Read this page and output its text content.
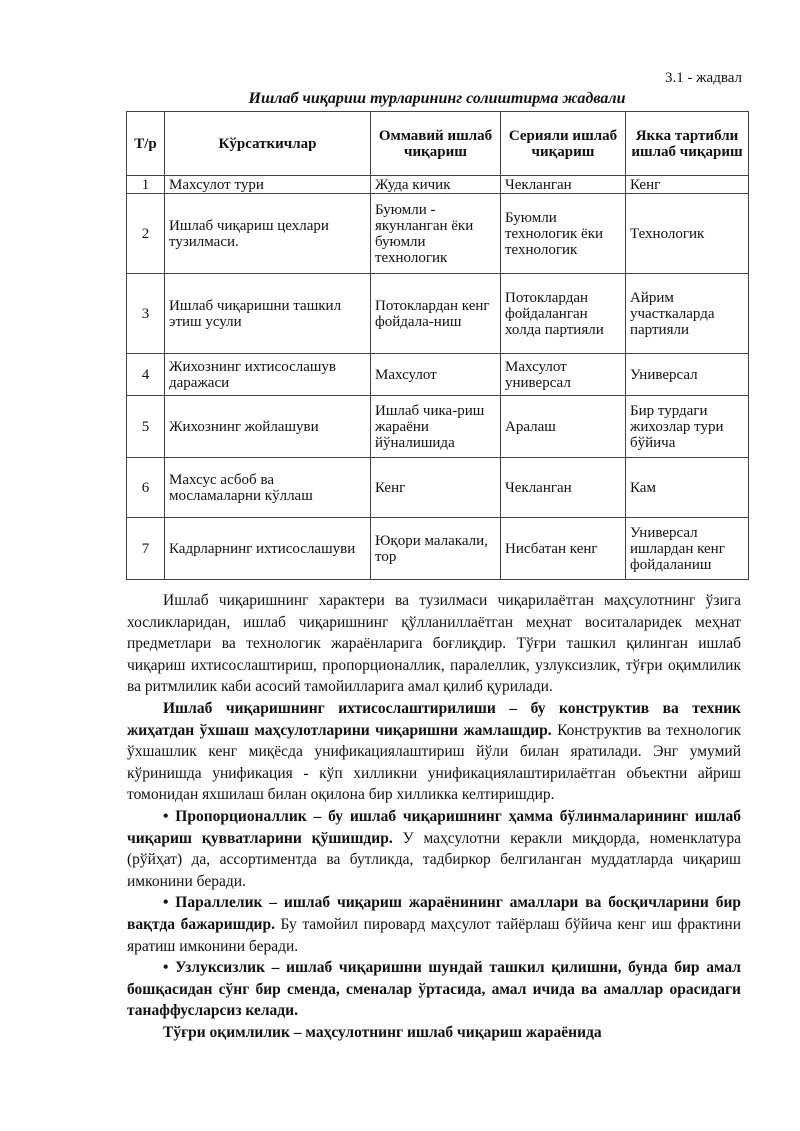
3.1 - жадвал
Ишлаб чиқариш турларининг солиштирма жадвали
Т/р	Кўрсаткичлар	Оммавий ишлаб чиқариш	Серияли ишлаб чиқариш	Якка тартибли ишлаб чиқариш
1	Махсулот тури	Жуда кичик	Чекланган	Кенг
2	Ишлаб чиқариш цехлари тузилмаси.	Буюмли - якунланган ёки буюмли технологик	Буюмли технологик ёки технологик	Технологик
3	Ишлаб чиқаришни ташкил этиш усули	Потоклардан кенг фойдала-ниш	Потоклардан фойдаланган холда партияли	Айрим участкаларда партияли
4	Жихознинг ихтисослашув даражаси	Махсулот	Махсулот универсал	Универсал
5	Жихознинг жойлашуви	Ишлаб чика-риш жараёни йўналишида	Аралаш	Бир турдаги жихозлар тури бўйича
6	Махсус асбоб ва мосламаларни кўллаш	Кенг	Чекланган	Кам
7	Кадрларнинг ихтисослашуви	Юқори малакали, тор	Нисбатан кенг	Универсал ишлардан кенг фойдаланиш

Ишлаб чиқаришнинг характери ва тузилмаси чиқарилаётган маҳсулотнинг ўзига хосликларидан, ишлаб чиқаришнинг қўлланиллаётган меҳнат воситаларидек меҳнат предметлари ва технологик жараёнларига боғлиқдир. Тўғри ташкил қилинган ишлаб чиқариш ихтисослаштириш, пропорционаллик, паралеллик, узлуксизлик, тўғри оқимлилик ва ритмлилик каби асосий тамойилларига амал қилиб қурилади.

Ишлаб чиқаришнинг ихтисослаштирилиши – бу конструктив ва техник жиҳатдан ўхшаш маҳсулотларини чиқаришни жамлашдир. Конструктив ва технологик ўхшашлик кенг миқёсда унификациялаштириш йўли билан яратилади. Энг умумий кўринишда унификация - кўп хилликни унификациялаштирилаётган объектни айриш томонидан яхшилаш билан оқилона бир хилликка келтиришдир.

• Пропорционаллик – бу ишлаб чиқаришнинг ҳамма бўлинмаларининг ишлаб чиқариш қувватларини қўшишдир. У маҳсулотни керакли миқдорда, номенклатура (рўйҳат) да, ассортиментда ва бутликда, тадбиркор белгиланган муддатларда чиқариш имконини беради.

• Параллелик – ишлаб чиқариш жараёнининг амаллари ва босқичларини бир вақтда бажаришдир. Бу тамойил пировард маҳсулот тайёрлаш бўйича кенг иш фрактини яратиш имконини беради.

• Узлуксизлик – ишлаб чиқаришни шундай ташкил қилишни, бунда бир амал бошқасидан сўнг бир сменда, сменалар ўртасида, амал ичида ва амаллар орасидаги танаффусларсиз келади.

Тўғри оқимлилик – маҳсулотнинг ишлаб чиқариш жараёнида
